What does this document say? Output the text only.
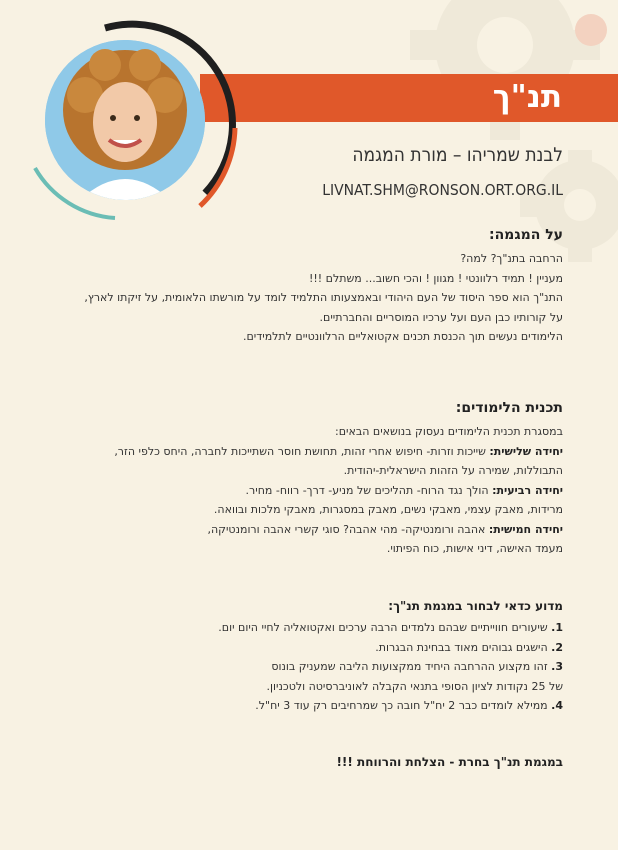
תנ"ך
לבנת שמריהו – מורת המגמה
LIVNAT.SHM@RONSON.ORT.ORG.IL

על המגמה:

הרחבה בתנ"ך? למה?
מעניין ! תמיד רלוונטי ! מגוון ! והכי חשוב... משתלם !!!
התנ"ך הוא ספר היסוד של העם היהודי ובאמצעותו התלמיד לומד על מורשתו הלאומית, על זיקתו לארץ,
על קורותיו כבן העם ועל ערכיו המוסריים והחברתיים.
הלימודים נעשים תוך הכנסת תכנים אקטואליים הרלוונטיים לתלמידים.

תכנית הלימודים:

במסגרת תכנית הלימודים נעסוק בנושאים הבאים:
יחידה שלישית: שייכות וזרות- חיפוש אחרי זהות, תחושת חוסר השתייכות לחברה, היחס כלפי הזר,
התבוללות, שמירה על הזהות הישראלית-יהודית.
יחידה רביעית: הולך נגד הרוח- תהליכים של מניע- דרך- רווח- מחיר.
מרידות, מאבק עצמי, מאבקי נשים, מאבק במסגרות, מאבקי מלכות ובוואה.
יחידה חמישית: אהבה ורומנטיקה- מהי אהבה? סוגי קשרי אהבה ורומנטיקה,
מעמד האישה, דיני אישות, כוח הפיתוי.

מדוע כדאי לבחור במגמת תנ"ך:

1. שיעורים חווייתיים שבהם נלמדים הרבה ערכים ואקטואליה לחיי היום יום.
2. הישגים גבוהים מאוד בבחינת הבגרות.
3. זהו מקצוע ההרחבה היחיד ממקצועות הליבה שמעניק בונוס
של 25 נקודות לציון הסופי בתנאי הקבלה לאוניברסיטה ולטכניון.
4. ממילא לומדים כבר 2 יח"ל חובה כך שמרחיבים רק עוד 3 יח"ל.
במגמת תנ"ך בחרת - הצלחת והרווחת !!!
